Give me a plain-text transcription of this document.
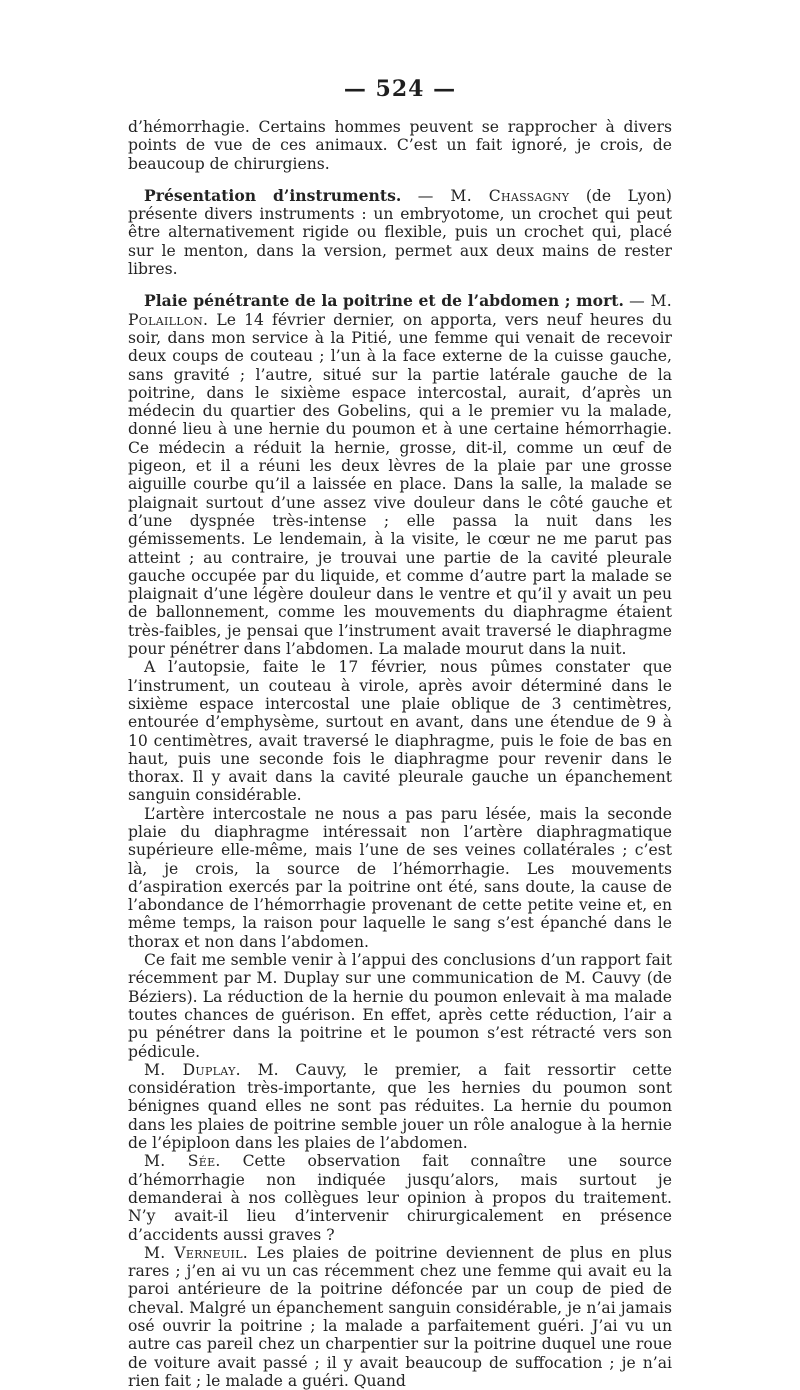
— 524 —

d’hémorrhagie. Certains hommes peuvent se rapprocher à divers points de vue de ces animaux. C’est un fait ignoré, je crois, de beaucoup de chirurgiens.

Présentation d’instruments. — M. Chassagny (de Lyon) présente divers instruments : un embryotome, un crochet qui peut être alternativement rigide ou flexible, puis un crochet qui, placé sur le menton, dans la version, permet aux deux mains de rester libres.

Plaie pénétrante de la poitrine et de l’abdomen ; mort. — M. Polaillon. Le 14 février dernier, on apporta, vers neuf heures du soir, dans mon service à la Pitié, une femme qui venait de recevoir deux coups de couteau ; l’un à la face externe de la cuisse gauche, sans gravité ; l’autre, situé sur la partie latérale gauche de la poitrine, dans le sixième espace intercostal, aurait, d’après un médecin du quartier des Gobelins, qui a le premier vu la malade, donné lieu à une hernie du poumon et à une certaine hémorrhagie. Ce médecin a réduit la hernie, grosse, dit-il, comme un œuf de pigeon, et il a réuni les deux lèvres de la plaie par une grosse aiguille courbe qu’il a laissée en place. Dans la salle, la malade se plaignait surtout d’une assez vive douleur dans le côté gauche et d’une dyspnée très-intense ; elle passa la nuit dans les gémissements. Le lendemain, à la visite, le cœur ne me parut pas atteint ; au contraire, je trouvai une partie de la cavité pleurale gauche occupée par du liquide, et comme d’autre part la malade se plaignait d’une légère douleur dans le ventre et qu’il y avait un peu de ballonnement, comme les mouvements du diaphragme étaient très-faibles, je pensai que l’instrument avait traversé le diaphragme pour pénétrer dans l’abdomen. La malade mourut dans la nuit.

A l’autopsie, faite le 17 février, nous pûmes constater que l’instrument, un couteau à virole, après avoir déterminé dans le sixième espace intercostal une plaie oblique de 3 centimètres, entourée d’emphysème, surtout en avant, dans une étendue de 9 à 10 centimètres, avait traversé le diaphragme, puis le foie de bas en haut, puis une seconde fois le diaphragme pour revenir dans le thorax. Il y avait dans la cavité pleurale gauche un épanchement sanguin considérable.

L’artère intercostale ne nous a pas paru lésée, mais la seconde plaie du diaphragme intéressait non l’artère diaphragmatique supérieure elle-même, mais l’une de ses veines collatérales ; c’est là, je crois, la source de l’hémorrhagie. Les mouvements d’aspiration exercés par la poitrine ont été, sans doute, la cause de l’abondance de l’hémorrhagie provenant de cette petite veine et, en même temps, la raison pour laquelle le sang s’est épanché dans le thorax et non dans l’abdomen.

Ce fait me semble venir à l’appui des conclusions d’un rapport fait récemment par M. Duplay sur une communication de M. Cauvy (de Béziers). La réduction de la hernie du poumon enlevait à ma malade toutes chances de guérison. En effet, après cette réduction, l’air a pu pénétrer dans la poitrine et le poumon s’est rétracté vers son pédicule.

M. Duplay. M. Cauvy, le premier, a fait ressortir cette considération très-importante, que les hernies du poumon sont bénignes quand elles ne sont pas réduites. La hernie du poumon dans les plaies de poitrine semble jouer un rôle analogue à la hernie de l’épiploon dans les plaies de l’abdomen.

M. Sée. Cette observation fait connaître une source d’hémorrhagie non indiquée jusqu’alors, mais surtout je demanderai à nos collègues leur opinion à propos du traitement. N’y avait-il lieu d’intervenir chirurgicalement en présence d’accidents aussi graves ?

M. Verneuil. Les plaies de poitrine deviennent de plus en plus rares ; j’en ai vu un cas récemment chez une femme qui avait eu la paroi antérieure de la poitrine défoncée par un coup de pied de cheval. Malgré un épanchement sanguin considérable, je n’ai jamais osé ouvrir la poitrine ; la malade a parfaitement guéri. J’ai vu un autre cas pareil chez un charpentier sur la poitrine duquel une roue de voiture avait passé ; il y avait beaucoup de suffocation ; je n’ai rien fait ; le malade a guéri. Quand
